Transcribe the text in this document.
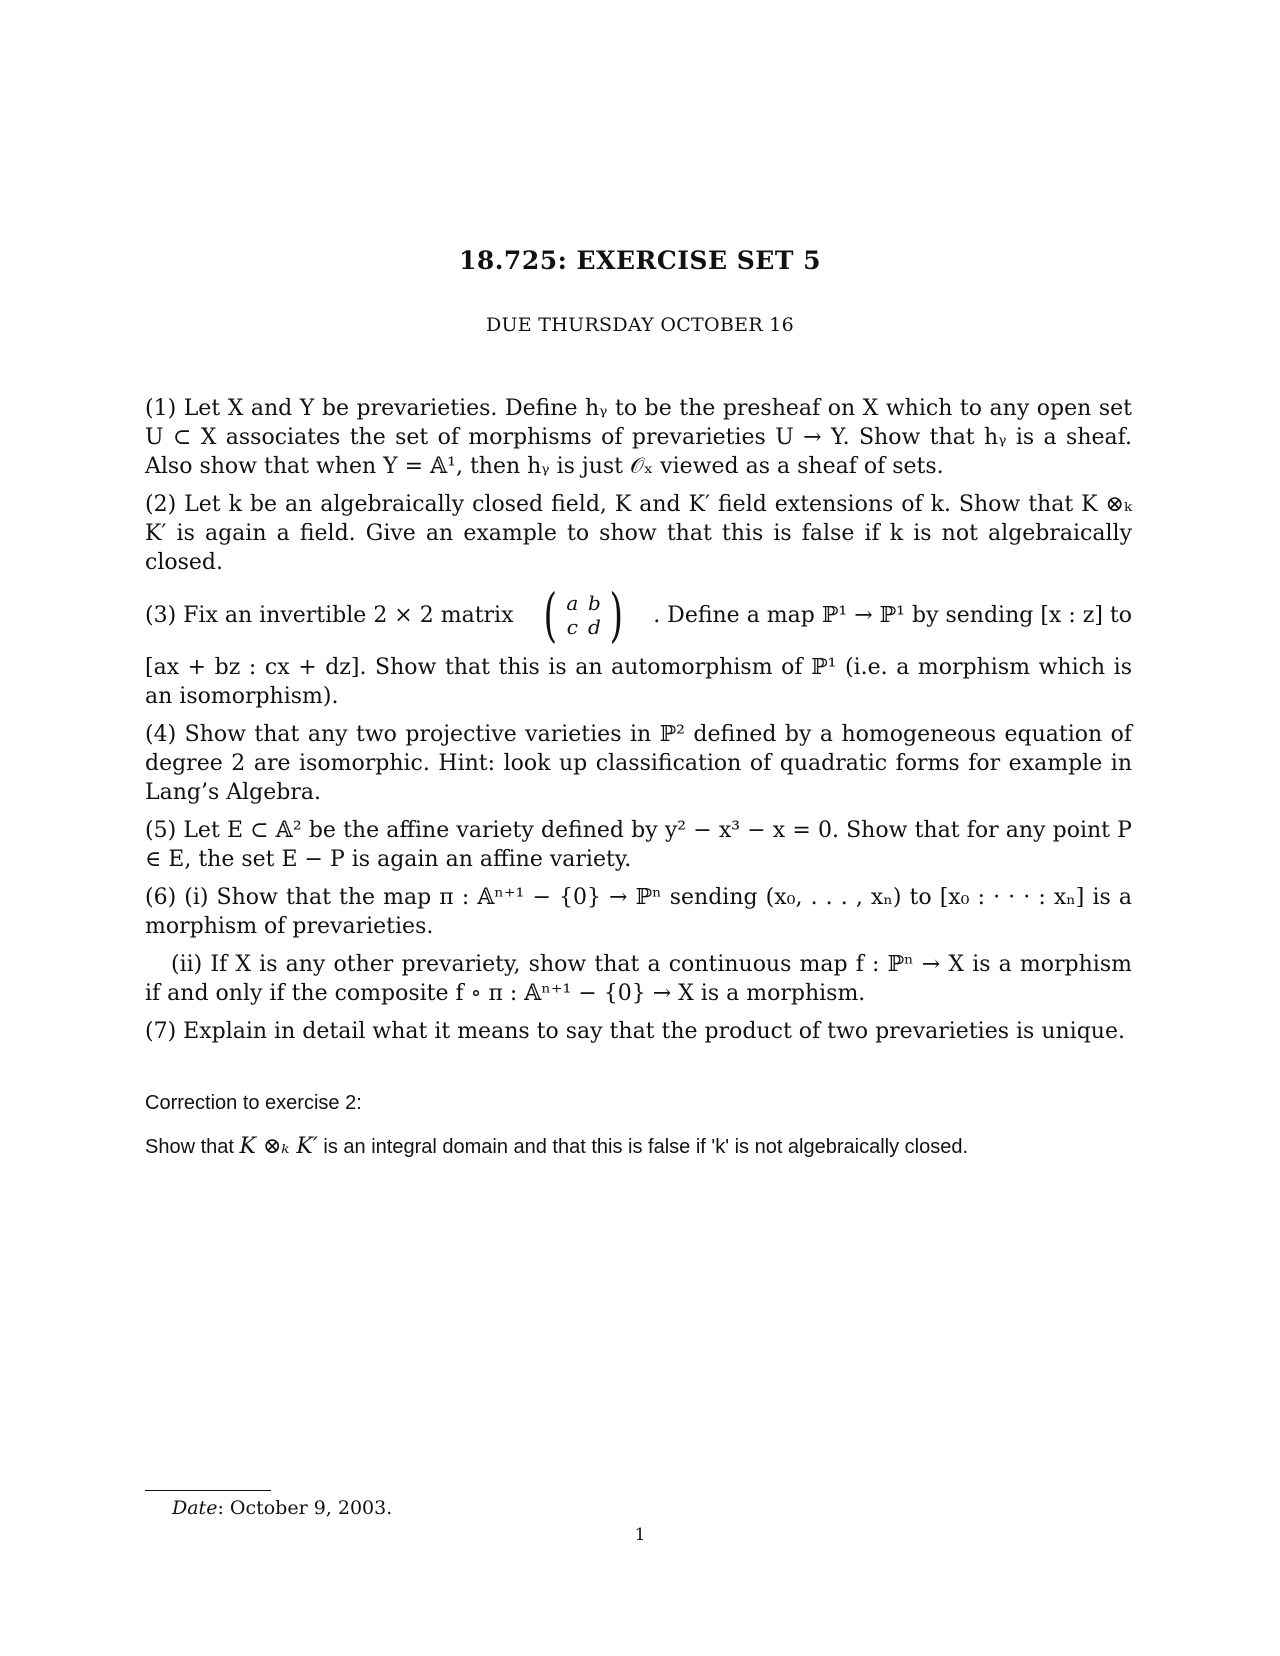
18.725: EXERCISE SET 5
DUE THURSDAY OCTOBER 16

(1) Let X and Y be prevarieties. Define hᵧ to be the presheaf on X which to any open set U ⊂ X associates the set of morphisms of prevarieties U → Y. Show that hᵧ is a sheaf. Also show that when Y = 𝔸¹, then hᵧ is just 𝒪ₓ viewed as a sheaf of sets.

(2) Let k be an algebraically closed field, K and K′ field extensions of k. Show that K ⊗ₖ K′ is again a field. Give an example to show that this is false if k is not algebraically closed.

(3) Fix an invertible 2 × 2 matrix ( a b
c d ) . Define a map ℙ¹ → ℙ¹ by sending [x : z] to

[ax + bz : cx + dz]. Show that this is an automorphism of ℙ¹ (i.e. a morphism which is an isomorphism).

(4) Show that any two projective varieties in ℙ² defined by a homogeneous equation of degree 2 are isomorphic. Hint: look up classification of quadratic forms for example in Lang’s Algebra.

(5) Let E ⊂ 𝔸² be the affine variety defined by y² − x³ − x = 0. Show that for any point P ∈ E, the set E − P is again an affine variety.

(6) (i) Show that the map π : 𝔸ⁿ⁺¹ − {0} → ℙⁿ sending (x₀, . . . , xₙ) to [x₀ : · · · : xₙ] is a morphism of prevarieties.

(ii) If X is any other prevariety, show that a continuous map f : ℙⁿ → X is a morphism if and only if the composite f ∘ π : 𝔸ⁿ⁺¹ − {0} → X is a morphism.

(7) Explain in detail what it means to say that the product of two prevarieties is unique.

Correction to exercise 2:
Show that K ⊗ₖ K′ is an integral domain and that this is false if 'k' is not algebraically closed.
Date: October 9, 2003.
1
